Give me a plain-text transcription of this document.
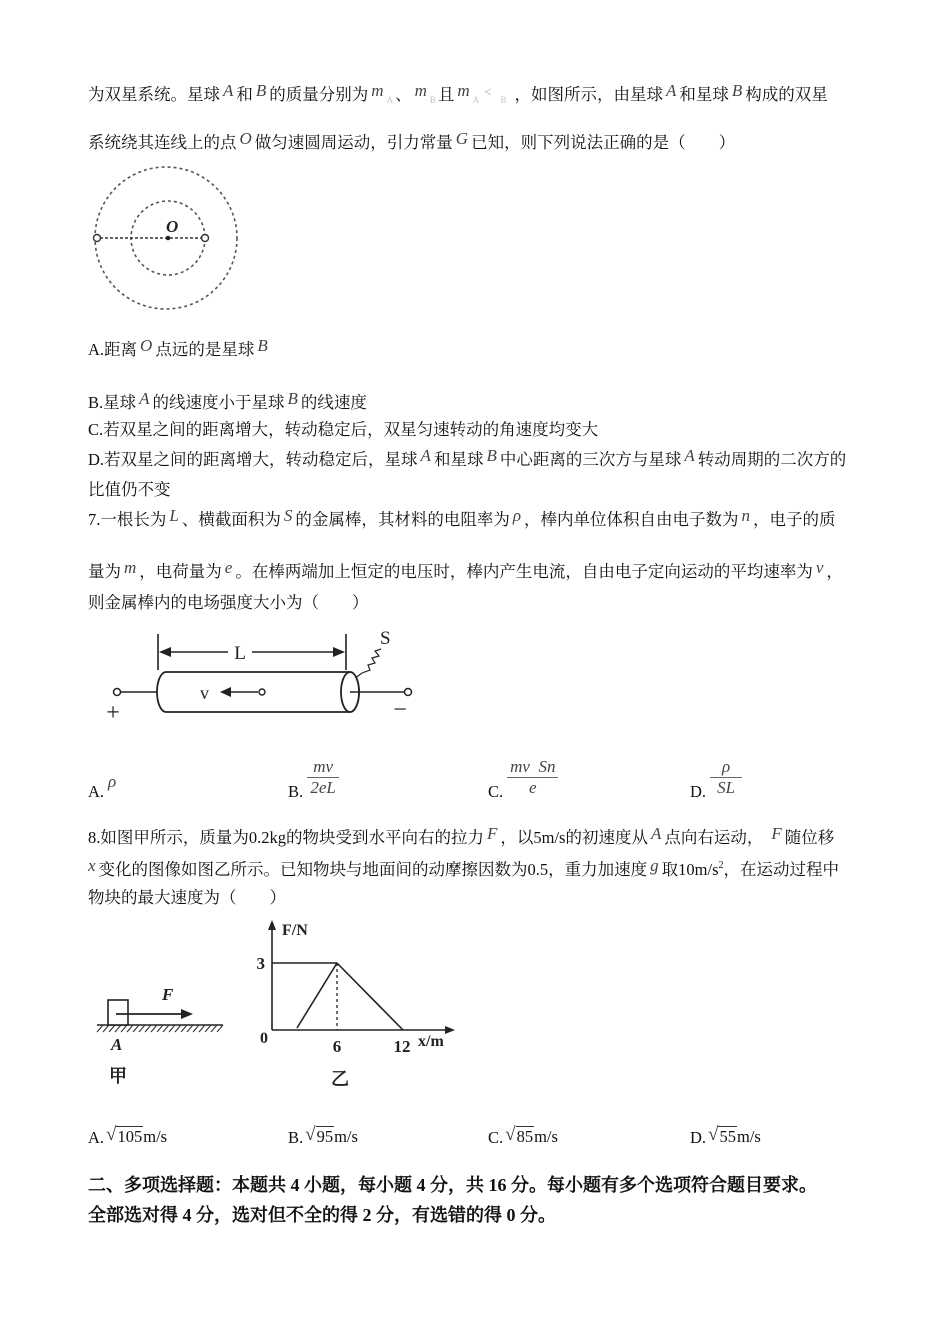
为双星系统。星球 A 和 B 的质量分别为 m A 、 m B 且 m A<B ，如图所示，由星球 A 和星球 B 构成的双星
系统绕其连线上的点 O 做匀速圆周运动，引力常量 G 已知，则下列说法正确的是（　　）
O
A.距离 O 点远的是星球 B
B.星球 A 的线速度小于星球 B 的线速度
C.若双星之间的距离增大，转动稳定后，双星匀速转动的角速度均变大
D.若双星之间的距离增大，转动稳定后，星球 A 和星球 B 中心距离的三次方与星球 A 转动周期的二次方的
比值仍不变
7.一根长为 L 、横截面积为 S 的金属棒，其材料的电阻率为 ρ ，棒内单位体积自由电子数为 n ，电子的质
量为 m ，电荷量为 e 。在棒两端加上恒定的电压时，棒内产生电流，自由电子定向运动的平均速率为 v ，
则金属棒内的电场强度大小为（　　）
L
S
v
+	−
A.
ρ
B. $\frac{mv}{2eL}$	C. $\frac{\text{mv  Sn}}{e}$	D. $\frac{\rho}{SL}$
8.如图甲所示，质量为0.2kg的物块受到水平向右的拉力 F ，以5m/s的初速度从 A 点向右运动， F 随位移
x 变化的图像如图乙所示。已知物块与地面间的动摩擦因数为0.5，重力加速度 g 取$10m/s^2$，在运动过程中
物块的最大速度为（　　）
F
A
甲
F/N
x/m
3
0	6	12
乙
A. √ 105 m/s	B. √ 95 m/s	C. √ 85 m/s	D. √ 55 m/s
二、多项选择题：本题共 4 小题，每小题 4 分，共 16 分。每小题有多个选项符合题目要求。
全部选对得 4 分，选对但不全的得 2 分，有选错的得 0 分。
